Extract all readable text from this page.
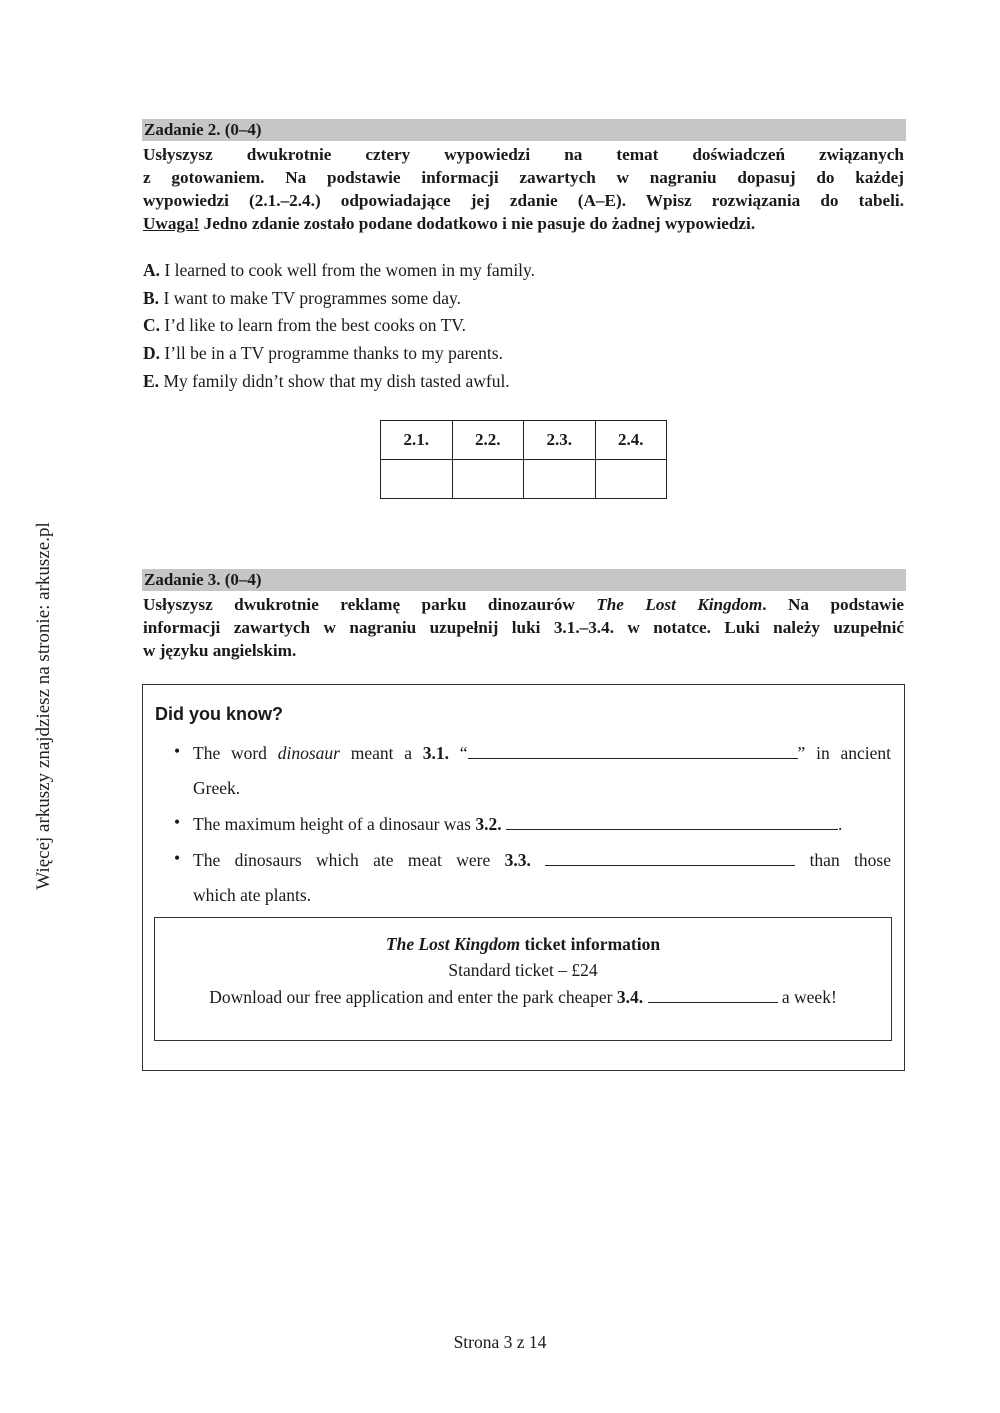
Więcej arkuszy znajdziesz na stronie: arkusze.pl
Zadanie 2. (0–4)
Usłyszysz dwukrotnie cztery wypowiedzi na temat doświadczeń związanych
z gotowaniem. Na podstawie informacji zawartych w nagraniu dopasuj do każdej
wypowiedzi (2.1.–2.4.) odpowiadające jej zdanie (A–E). Wpisz rozwiązania do tabeli.
Uwaga! Jedno zdanie zostało podane dodatkowo i nie pasuje do żadnej wypowiedzi.
A. I learned to cook well from the women in my family.
B. I want to make TV programmes some day.
C. I’d like to learn from the best cooks on TV.
D. I’ll be in a TV programme thanks to my parents.
E. My family didn’t show that my dish tasted awful.
2.1.	2.2.	2.3.	2.4.

Zadanie 3. (0–4)
Usłyszysz dwukrotnie reklamę parku dinozaurów The Lost Kingdom. Na podstawie
informacji zawartych w nagraniu uzupełnij luki 3.1.–3.4. w notatce. Luki należy uzupełnić
w języku angielskim.
Did you know?
• The word dinosaur meant a 3.1. “	” in ancient
Greek.
• The maximum height of a dinosaur was 3.2.	.
• The dinosaurs which ate meat were 3.3.	than those
which ate plants.
The Lost Kingdom ticket information
Standard ticket – £24
Download our free application and enter the park cheaper 3.4.	a week!
Strona 3 z 14
